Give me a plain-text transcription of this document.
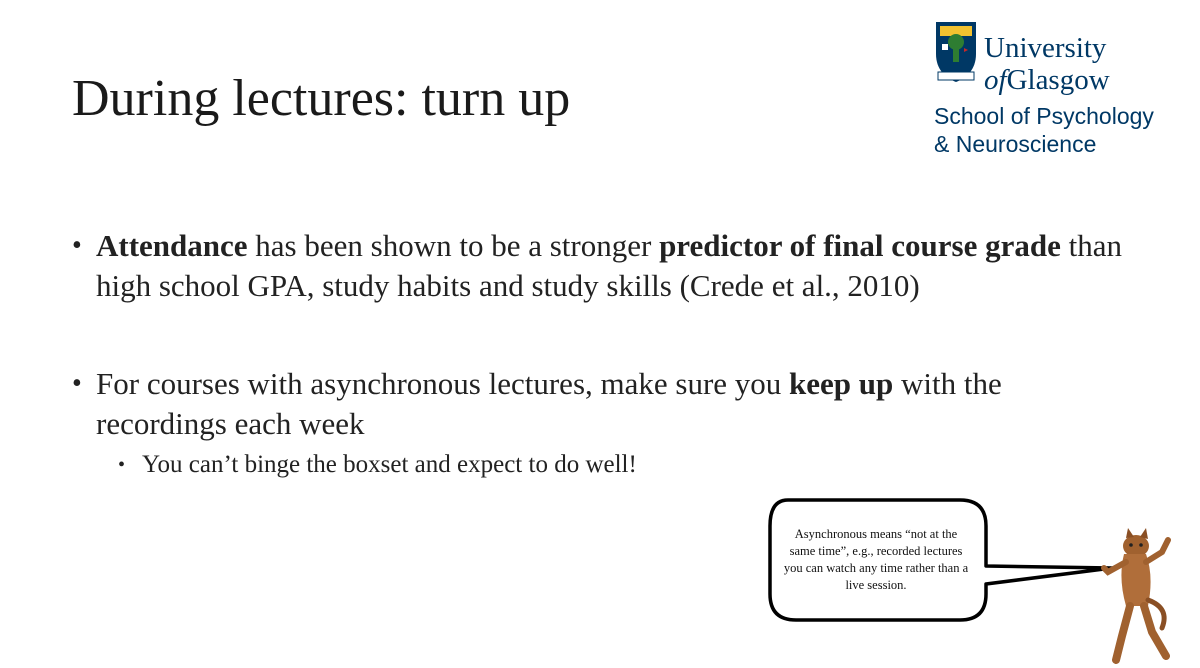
During lectures: turn up
University
ofGlasgow
School of Psychology
& Neuroscience
• Attendance has been shown to be a stronger predictor of final course grade than high school GPA, study habits and study skills (Crede et al., 2010)
• For courses with asynchronous lectures, make sure you keep up with the recordings each week
• You can’t binge the boxset and expect to do well!
Asynchronous means “not at the same time”, e.g., recorded lectures you can watch any time rather than a live session.
